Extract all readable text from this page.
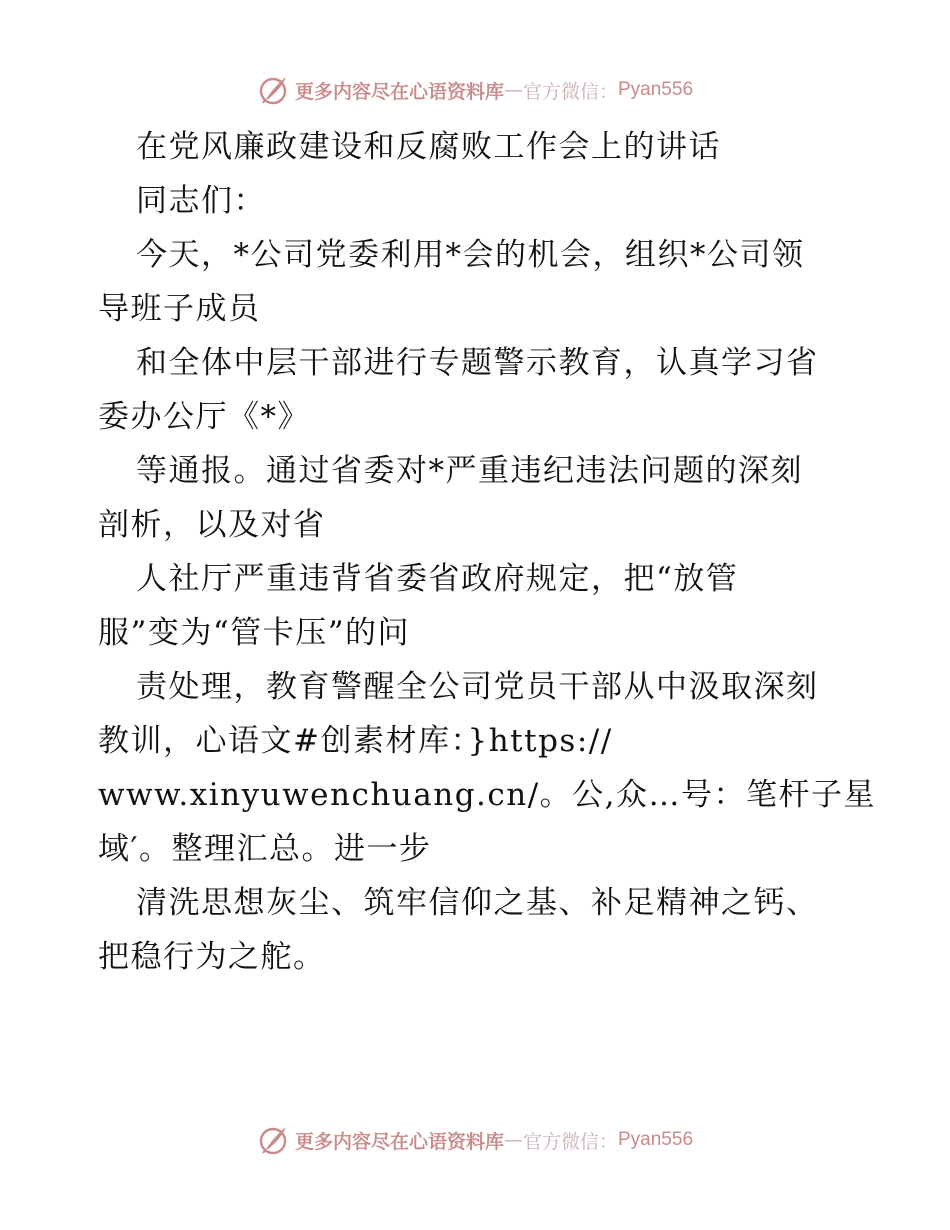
更多内容尽在心语资料库 — 官方微信： Pyan556
在党风廉政建设和反腐败工作会上的讲话
同志们：
今天，*公司党委利用*会的机会，组织*公司领
导班子成员
和全体中层干部进行专题警示教育，认真学习省
委办公厅《*》
等通报。通过省委对*严重违纪违法问题的深刻
剖析，以及对省
人社厅严重违背省委省政府规定，把“放管
服”变为“管卡压”的问
责处理，教育警醒全公司党员干部从中汲取深刻
教训，心语文#创素材库：}https://
www.xinyuwenchuang.cn/。公,众…号：笔杆子星
域′。整理汇总。进一步
清洗思想灰尘、筑牢信仰之基、补足精神之钙、
把稳行为之舵。
更多内容尽在心语资料库 — 官方微信： Pyan556
